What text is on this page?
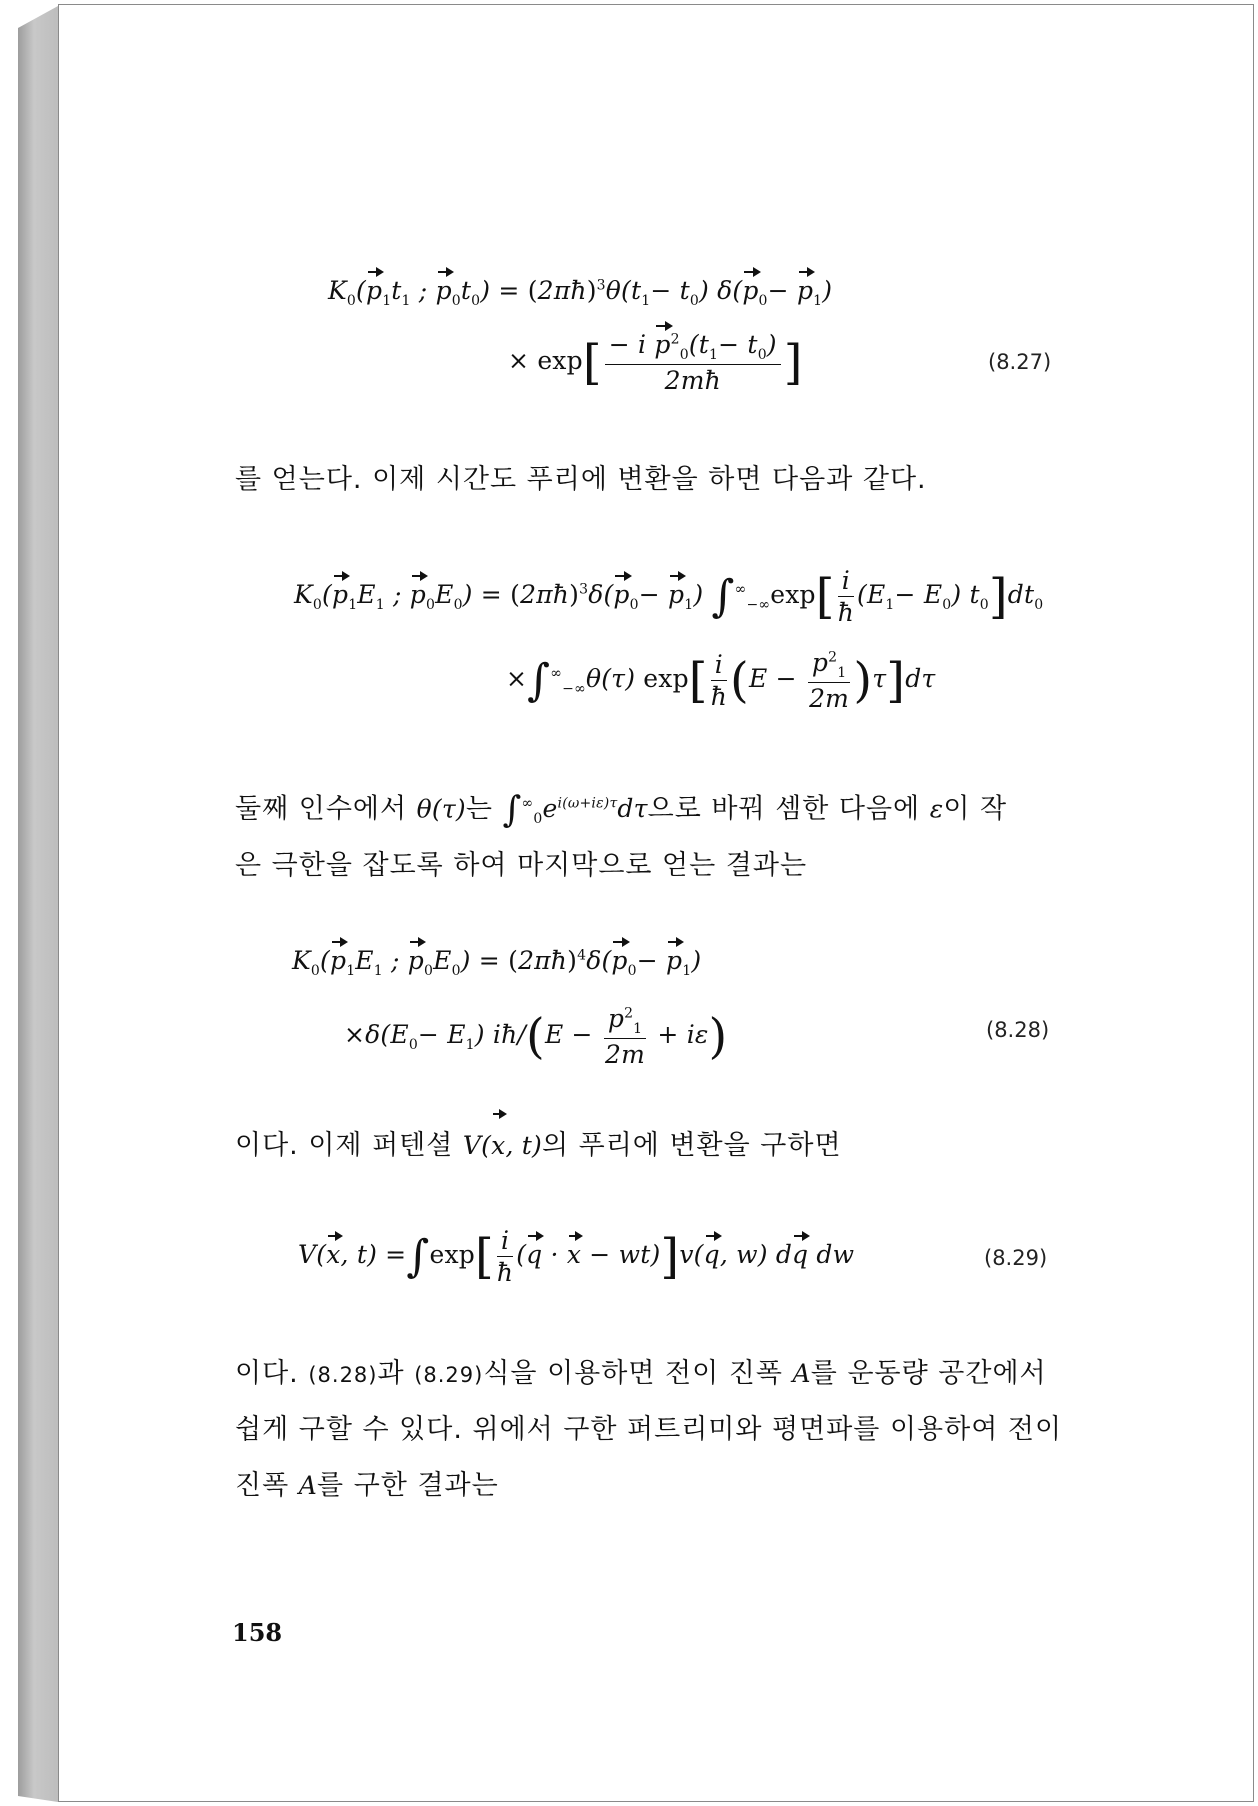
$K_0(p_1t_1$ ; $p_0t_0$) = $(2\pi ħ)^3\theta(t_1- t_0)$ $\delta(p_0- p_1)$
× $\exp[ \frac{- i p^2_0(t_1- t_0)}{2mħ}$ ]	(8.27)
를 얻는다. 이제 시간도 푸리에 변환을 하면 다음과 같다.
$K_0(p_1E_1$ ; $p_0E_0$) = $(2\pi ħ)^3\delta(p_0- p_1)$ $\int^\infty_{-\infty}\exp[ \frac{i}{ħ} (E_1- E_0)$ $t_0]dt_0$
$\times\int^\infty_{-\infty}\theta(\tau)$ $\exp[ \frac{i}{ħ} (E - \frac{p^2_1}{2m} )\tau]d\tau$
둘째 인수에서 θ(τ)는 $\int^\infty_0e^{i(\omega+i\varepsilon)\tau}d\tau$으로 바꿔 셈한 다음에 ε이 작
은 극한을 잡도록 하여 마지막으로 얻는 결과는
$K_0(p_1E_1$ ; $p_0E_0$) = $(2\pi ħ)^4\delta(p_0- p_1)$
$\times\delta(E_0- E_1)$ iħ/(E − $\frac{p^2_1}{2m} + i\varepsilon$)	(8.28)
이다. 이제 퍼텐셜 V(x, t)의 푸리에 변환을 구하면
V(x, $t) =\int\exp[ \frac{i}{ħ} (q \cdot x - wt)]v(q$, w) dq dw	(8.29)
이다. (8.28)과 (8.29)식을 이용하면 전이 진폭 A를 운동량 공간에서
쉽게 구할 수 있다. 위에서 구한 퍼트리미와 평면파를 이용하여 전이
진폭 A를 구한 결과는
158
